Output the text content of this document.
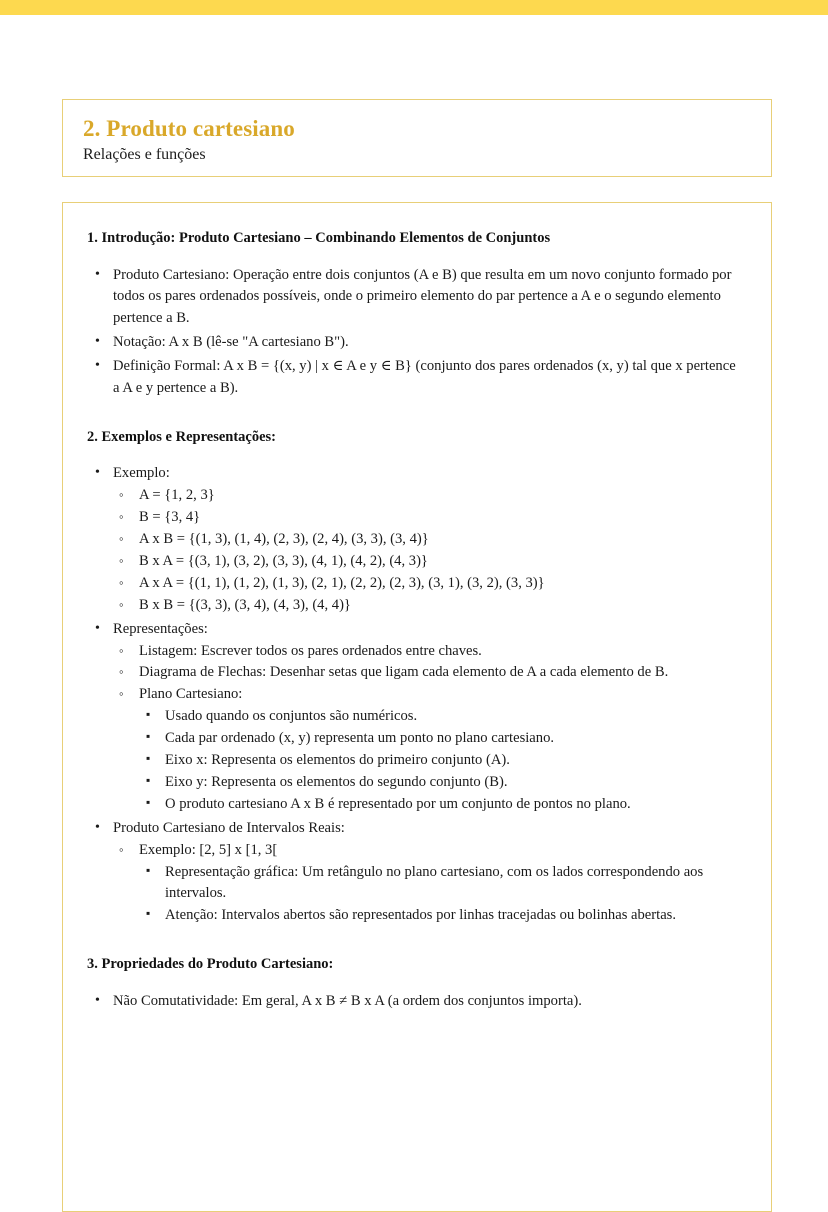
2. Produto cartesiano

Relações e funções

1. Introdução: Produto Cartesiano – Combinando Elementos de Conjuntos
• Produto Cartesiano: Operação entre dois conjuntos (A e B) que resulta em um novo conjunto formado por todos os pares ordenados possíveis, onde o primeiro elemento do par pertence a A e o segundo elemento pertence a B.
• Notação: A x B (lê-se "A cartesiano B").
• Definição Formal: A x B = {(x, y) | x ∈ A e y ∈ B} (conjunto dos pares ordenados (x, y) tal que x pertence a A e y pertence a B).
2. Exemplos e Representações:
• Exemplo:
◦ A = {1, 2, 3}
◦ B = {3, 4}
◦ A x B = {(1, 3), (1, 4), (2, 3), (2, 4), (3, 3), (3, 4)}
◦ B x A = {(3, 1), (3, 2), (3, 3), (4, 1), (4, 2), (4, 3)}
◦ A x A = {(1, 1), (1, 2), (1, 3), (2, 1), (2, 2), (2, 3), (3, 1), (3, 2), (3, 3)}
◦ B x B = {(3, 3), (3, 4), (4, 3), (4, 4)}
• Representações:
◦ Listagem: Escrever todos os pares ordenados entre chaves.
◦ Diagrama de Flechas: Desenhar setas que ligam cada elemento de A a cada elemento de B.
◦ Plano Cartesiano:
▪ Usado quando os conjuntos são numéricos.
▪ Cada par ordenado (x, y) representa um ponto no plano cartesiano.
▪ Eixo x: Representa os elementos do primeiro conjunto (A).
▪ Eixo y: Representa os elementos do segundo conjunto (B).
▪ O produto cartesiano A x B é representado por um conjunto de pontos no plano.
• Produto Cartesiano de Intervalos Reais:
◦ Exemplo: [2, 5] x [1, 3[
▪ Representação gráfica: Um retângulo no plano cartesiano, com os lados correspondendo aos intervalos.
▪ Atenção: Intervalos abertos são representados por linhas tracejadas ou bolinhas abertas.
3. Propriedades do Produto Cartesiano:
• Não Comutatividade: Em geral, A x B ≠ B x A (a ordem dos conjuntos importa).
